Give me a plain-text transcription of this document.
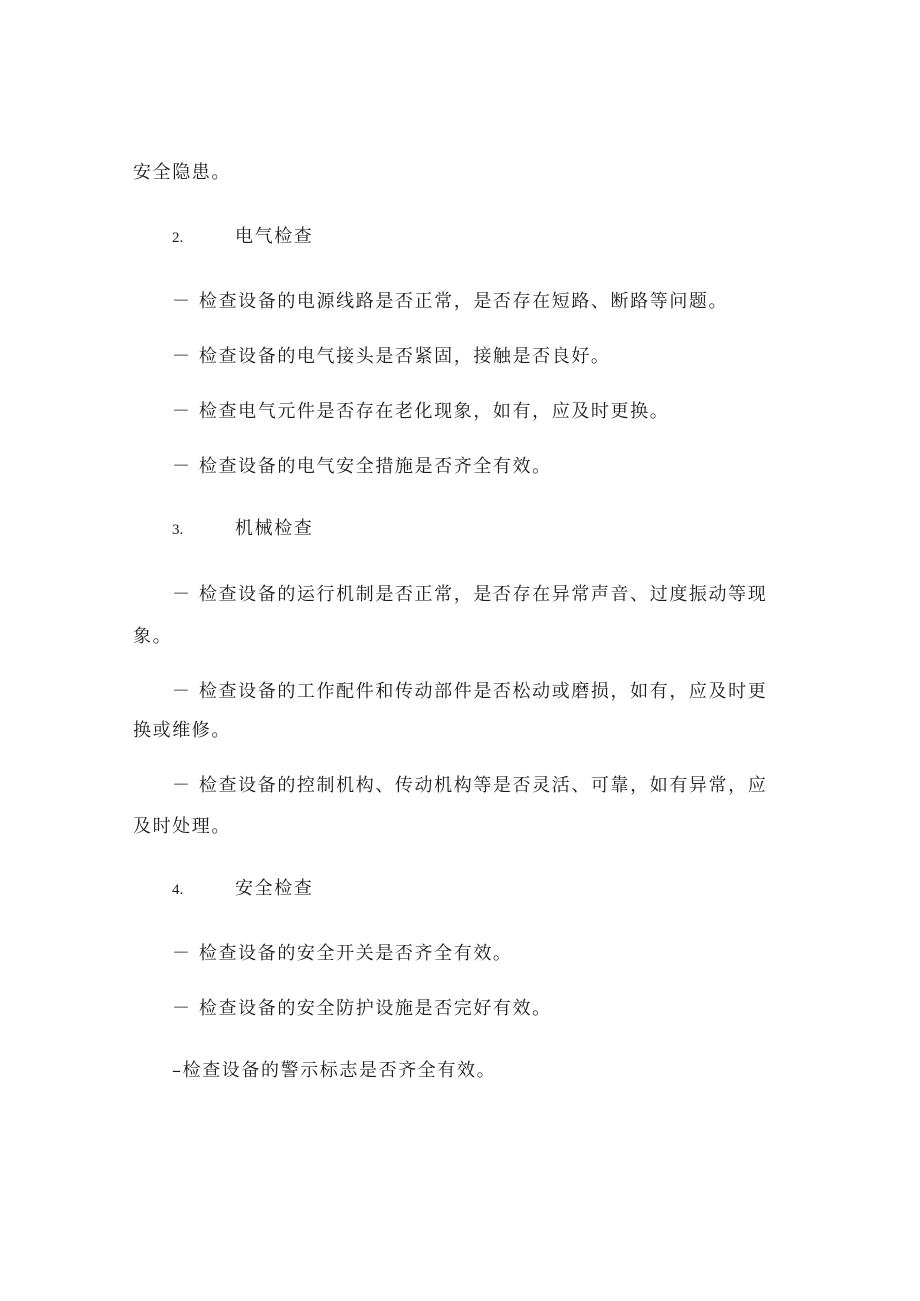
安全隐患。
2.	电气检查
－ 检查设备的电源线路是否正常，是否存在短路、断路等问题。
－ 检查设备的电气接头是否紧固，接触是否良好。
－ 检查电气元件是否存在老化现象，如有，应及时更换。
－ 检查设备的电气安全措施是否齐全有效。
3.	机械检查
－ 检查设备的运行机制是否正常，是否存在异常声音、过度振动等现
象。
－ 检查设备的工作配件和传动部件是否松动或磨损，如有，应及时更
换或维修。
－ 检查设备的控制机构、传动机构等是否灵活、可靠，如有异常，应
及时处理。
4.	安全检查
－ 检查设备的安全开关是否齐全有效。
－ 检查设备的安全防护设施是否完好有效。
–检查设备的警示标志是否齐全有效。
